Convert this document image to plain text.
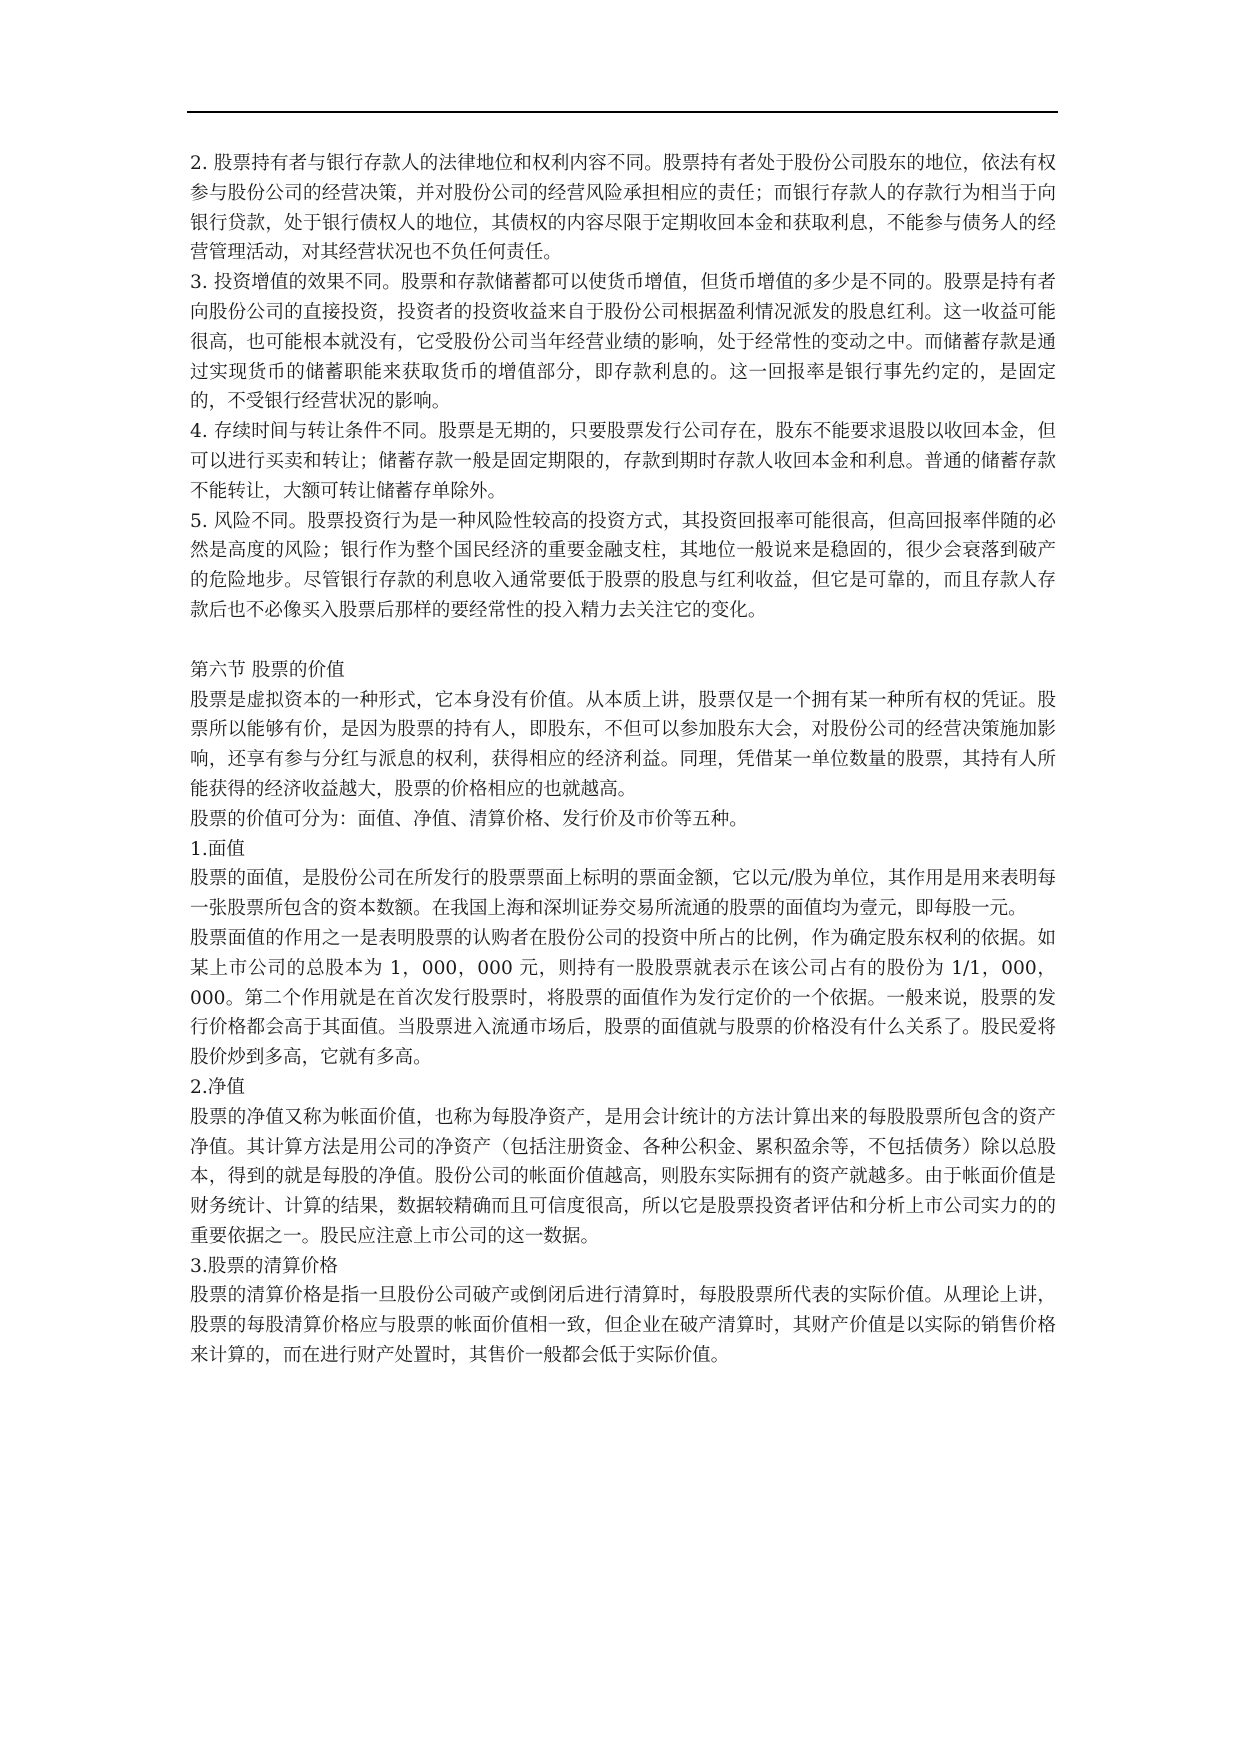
2. 股票持有者与银行存款人的法律地位和权利内容不同。股票持有者处于股份公司股东的地位，依法有权参与股份公司的经营决策，并对股份公司的经营风险承担相应的责任；而银行存款人的存款行为相当于向银行贷款，处于银行债权人的地位，其债权的内容尽限于定期收回本金和获取利息，不能参与债务人的经营管理活动，对其经营状况也不负任何责任。

3. 投资增值的效果不同。股票和存款储蓄都可以使货币增值，但货币增值的多少是不同的。股票是持有者向股份公司的直接投资，投资者的投资收益来自于股份公司根据盈利情况派发的股息红利。这一收益可能很高，也可能根本就没有，它受股份公司当年经营业绩的影响，处于经常性的变动之中。而储蓄存款是通过实现货币的储蓄职能来获取货币的增值部分，即存款利息的。这一回报率是银行事先约定的，是固定的，不受银行经营状况的影响。

4. 存续时间与转让条件不同。股票是无期的，只要股票发行公司存在，股东不能要求退股以收回本金，但可以进行买卖和转让；储蓄存款一般是固定期限的，存款到期时存款人收回本金和利息。普通的储蓄存款不能转让，大额可转让储蓄存单除外。

5. 风险不同。股票投资行为是一种风险性较高的投资方式，其投资回报率可能很高，但高回报率伴随的必然是高度的风险；银行作为整个国民经济的重要金融支柱，其地位一般说来是稳固的，很少会衰落到破产的危险地步。尽管银行存款的利息收入通常要低于股票的股息与红利收益，但它是可靠的，而且存款人存款后也不必像买入股票后那样的要经常性的投入精力去关注它的变化。

第六节 股票的价值

股票是虚拟资本的一种形式，它本身没有价值。从本质上讲，股票仅是一个拥有某一种所有权的凭证。股票所以能够有价，是因为股票的持有人，即股东，不但可以参加股东大会，对股份公司的经营决策施加影响，还享有参与分红与派息的权利，获得相应的经济利益。同理，凭借某一单位数量的股票，其持有人所能获得的经济收益越大，股票的价格相应的也就越高。

股票的价值可分为：面值、净值、清算价格、发行价及市价等五种。

1.面值

股票的面值，是股份公司在所发行的股票票面上标明的票面金额，它以元/股为单位，其作用是用来表明每一张股票所包含的资本数额。在我国上海和深圳证券交易所流通的股票的面值均为壹元，即每股一元。

股票面值的作用之一是表明股票的认购者在股份公司的投资中所占的比例，作为确定股东权利的依据。如某上市公司的总股本为 1，000，000 元，则持有一股股票就表示在该公司占有的股份为 1/1，000，000。第二个作用就是在首次发行股票时，将股票的面值作为发行定价的一个依据。一般来说，股票的发行价格都会高于其面值。当股票进入流通市场后，股票的面值就与股票的价格没有什么关系了。股民爱将股价炒到多高，它就有多高。

2.净值

股票的净值又称为帐面价值，也称为每股净资产，是用会计统计的方法计算出来的每股股票所包含的资产净值。其计算方法是用公司的净资产（包括注册资金、各种公积金、累积盈余等，不包括债务）除以总股本，得到的就是每股的净值。股份公司的帐面价值越高，则股东实际拥有的资产就越多。由于帐面价值是财务统计、计算的结果，数据较精确而且可信度很高，所以它是股票投资者评估和分析上市公司实力的的重要依据之一。股民应注意上市公司的这一数据。

3.股票的清算价格

股票的清算价格是指一旦股份公司破产或倒闭后进行清算时，每股股票所代表的实际价值。从理论上讲，股票的每股清算价格应与股票的帐面价值相一致，但企业在破产清算时，其财产价值是以实际的销售价格来计算的，而在进行财产处置时，其售价一般都会低于实际价值。
